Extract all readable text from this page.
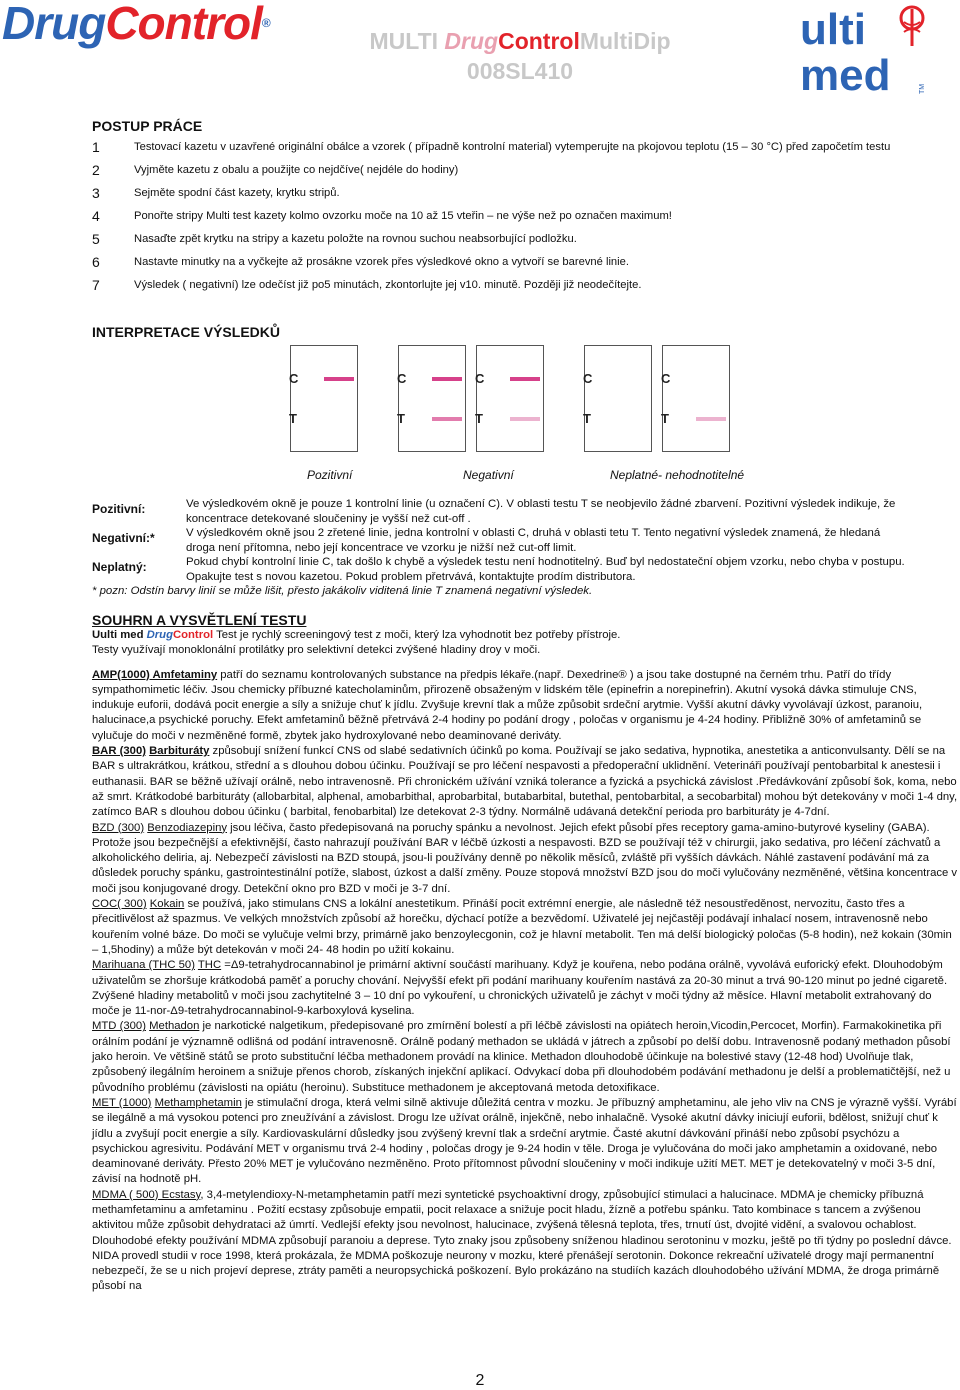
DrugControl®
MULTI DrugControlMultiDip
008SL410
ulti
med	TM
POSTUP PRÁCE
1	Testovací kazetu v uzavřené originální obálce a vzorek ( případně kontrolní material) vytemperujte na pkojovou teplotu (15 – 30 °C) před započetím testu
2	Vyjměte kazetu z obalu a použijte co nejdčíve( nejdéle do hodiny)
3	Sejměte spodní část kazety, krytku stripů.
4	Ponořte stripy Multi test kazety kolmo ovzorku moče na 10 až 15 vteřin – ne výše než po označen maximum!
5	Nasaďte zpět krytku na stripy a kazetu položte na rovnou suchou neabsorbující podložku.
6	Nastavte minutky na a vyčkejte až prosákne vzorek přes výsledkové okno a vytvoří se barevné linie.
7	Výsledek ( negativní) lze odečíst již po5 minutách, zkontorlujte jej v10. minutě. Později již neodečítejte.
INTERPRETACE VÝSLEDKŮ
C
T
C
T
C
T
C
T
C
T
Pozitivní	Negativní	Neplatné- nehodnotitelné
Pozitivní:	Ve výsledkovém okně je pouze 1 kontrolní linie (u označení C). V oblasti testu T se neobjevilo žádné zbarvení. Pozitivní výsledek indikuje, že koncentrace detekované sloučeniny je vyšší než cut-off .
Negativní:*	V výsledkovém okně jsou 2 zřetené linie, jedna kontrolní v oblasti C, druhá v oblasti tetu T. Tento negativní výsledek znamená, že hledaná droga není přítomna, nebo její koncentrace ve vzorku je nižší než cut-off limit.
Neplatný:	Pokud chybí kontrolní linie C, tak došlo k chybě a výsledek testu není hodnotitelný. Buď byl nedostateční objem vzorku, nebo chyba v postupu. Opakujte test s novou kazetou. Pokud problem přetrvává, kontaktujte prodím distributora.
* pozn: Odstín barvy linií se může lišit, přesto jakákoliv viditená linie T znamená negativní výsledek.
SOUHRN A VYSVĚTLENÍ TESTU

Uulti med DrugControl Test je rychlý screeningový test z moči, který lza vyhodnotit bez potřeby přístroje.

Testy využívají monoklonální protilátky pro selektivní detekci zvýšené hladiny droy v moči.

AMP(1000) Amfetaminy patří do seznamu kontrolovaných substance na předpis lékaře.(např. Dexedrine® ) a jsou take dostupné na černém trhu. Patří do třídy sympathomimetic léčiv. Jsou chemicky příbuzné katecholaminům, přirozeně obsaženým v lidském těle (epinefrin a norepinefrin). Akutní vysoká dávka stimuluje CNS, indukuje euforii, dodává pocit energie a síly a snižuje chuť k jídlu. Zvyšuje krevní tlak a může způsobit srdeční arytmie. Vyšší akutní dávky vyvolávají úzkost, paranoiu, halucinace,a psychické poruchy. Efekt amfetaminů běžně přetrvává 2-4 hodiny po podání drogy , poločas v organismu je 4-24 hodiny. Přibližně 30% of amfetaminů se vylučuje do moči v nezměněné formě, zbytek jako hydroxylované nebo deaminované deriváty.

BAR (300) Barbituráty způsobují snížení funkcí CNS od slabé sedativních účinků po koma. Používají se jako sedativa, hypnotika, anestetika a anticonvulsanty. Dělí se na BAR s ultrakrátkou, krátkou, střední a s dlouhou dobou účinku. Používají se pro léčení nespavosti a předoperační uklidnění. Veterináři používají pentobarbital k anestesii i euthanasii. BAR se běžně užívají orálně, nebo intravenosně. Při chronickém užívání vzniká tolerance a fyzická a psychická závislost .Předávkování způsobí šok, koma, nebo až smrt. Krátkodobé barbituráty (allobarbital, alphenal, amobarbithal, aprobarbital, butabarbital, butethal, pentobarbital, a secobarbital) mohou být detekovány v moči 1-4 dny, zatímco BAR s dlouhou dobou účinku ( barbital, fenobarbital) lze detekovat 2-3 týdny. Normálně udávaná detekční perioda pro barbituráty je 4-7dní.

BZD (300) Benzodiazepiny jsou léčiva, často předepisovaná na poruchy spánku a nevolnost. Jejich efekt působí přes receptory gama-amino-butyrové kyseliny (GABA). Protože jsou bezpečnější a efektivnější, často nahrazují používání BAR v léčbě úzkosti a nespavosti. BZD se používají též v chirurgii, jako sedativa, pro léčení záchvatů a alkoholického deliria, aj. Nebezpečí závislosti na BZD stoupá, jsou-li používány denně po několik měsíců, zvláště při vyšších dávkách. Náhlé zastavení podávání má za důsledek poruchy spánku, gastrointestinální potíže, slabost, úzkost a další změny. Pouze stopová množství BZD jsou do moči vylučovány nezměněné, většina koncentrace v moči jsou konjugované drogy. Detekční okno pro BZD v moči je 3-7 dní.

COC( 300) Kokain se používá, jako stimulans CNS a lokální anestetikum. Přináší pocit extrémní energie, ale následně též nesoustředěnost, nervozitu, často třes a přecitlivělost až spazmus. Ve velkých množstvích způsobí až horečku, dýchací potíže a bezvědomí. Uživatelé jej nejčastěji podávají inhalací nosem, intravenosně nebo kouřením volné báze. Do moči se vylučuje velmi brzy, primárně jako benzoylecgonin, což je hlavní metabolit. Ten má delší biologický poločas (5-8 hodin), než kokain (30min – 1,5hodiny) a může být detekován v moči 24- 48 hodin po užití kokainu.

Marihuana (THC 50) THC =Δ9-tetrahydrocannabinol je primární aktivní součástí marihuany. Když je kouřena, nebo podána orálně, vyvolává euforický efekt. Dlouhodobým uživatelům se zhoršuje krátkodobá paměť a poruchy chování. Nejvyšší efekt při podání marihuany kouřením nastává za 20-30 minut a trvá 90-120 minut po jedné cigaretě. Zvýšené hladiny metabolitů v moči jsou zachytitelné 3 – 10 dní po vykouření, u chronických uživatelů je záchyt v moči týdny až měsíce. Hlavní metabolit extrahovaný do moče je 11-nor-Δ9-tetrahydrocannabinol-9-karboxylová kyselina.

MTD (300) Methadon je narkotické nalgetikum, předepisované pro zmírnění bolestí a při léčbě závislosti na opiátech heroin,Vicodin,Percocet, Morfin). Farmakokinetika při orálním podání je významně odlišná od podání intravenosně. Orálně podaný methadon se ukládá v játrech a způsobí po delší dobu. Intravenosně podaný methadon působí jako heroin. Ve většině států se proto substituční léčba methadonem provádí na klinice. Methadon dlouhodobě účinkuje na bolestivé stavy (12-48 hod) Uvolňuje tlak, způsobený ilegálním heroinem a snižuje přenos chorob, získaných injekční aplikací. Odvykací doba při dlouhodobém podávání methadonu je delší a problematičtější, než u původního problému (závislosti na opiátu (heroinu). Substituce methadonem je akceptovaná metoda detoxifikace.

MET (1000) Methamphetamin je stimulační droga, která velmi silně aktivuje důležitá centra v mozku. Je příbuzný amphetaminu, ale jeho vliv na CNS je výrazně vyšší. Vyrábí se ilegálně a má vysokou potenci pro zneužívání a závislost. Drogu lze užívat orálně, injekčně, nebo inhalačně. Vysoké akutní dávky iniciují euforii, bdělost, snižují chuť k jídlu a zvyšují pocit energie a síly. Kardiovaskulární důsledky jsou zvýšený krevní tlak a srdeční arytmie. Časté akutní dávkování přináší nebo způsobí psychózu a psychickou agresivitu. Podávání MET v organismu trvá 2-4 hodiny , poločas drogy je 9-24 hodin v těle. Droga je vylučována do moči jako amphetamin a oxidované, nebo deaminované deriváty. Přesto 20% MET je vylučováno nezměněno. Proto přítomnost původní sloučeniny v moči indikuje užití MET. MET je detekovatelný v moči 3-5 dní, závisí na hodnotě pH.

MDMA ( 500) Ecstasy, 3,4-metylendioxy-N-metamphetamin patří mezi syntetické psychoaktivní drogy, způsobující stimulaci a halucinace. MDMA je chemicky příbuzná methamfetaminu a amfetaminu . Požití ecstasy způsobuje empatii, pocit relaxace a snižuje pocit hladu, žízně a potřebu spánku. Tato kombinace s tancem a zvýšenou aktivitou může způsobit dehydrataci až úmrtí. Vedlejší efekty jsou nevolnost, halucinace, zvýšená tělesná teplota, třes, trnutí úst, dvojité vidění, a svalovou ochablost. Dlouhodobé efekty používání MDMA způsobují paranoiu a deprese. Tyto znaky jsou způsobeny sníženou hladinou serotoninu v mozku, ještě po tři týdny po poslední dávce. NIDA provedl studii v roce 1998, která prokázala, že MDMA poškozuje neurony v mozku, které přenášejí serotonin. Dokonce rekreační uživatelé drogy mají permanentní nebezpečí, že se u nich projeví deprese, ztráty paměti a neuropsychická poškození. Bylo prokázáno na studiích kazách dlouhodobého užívání MDMA, že droga primárně působí na

2
